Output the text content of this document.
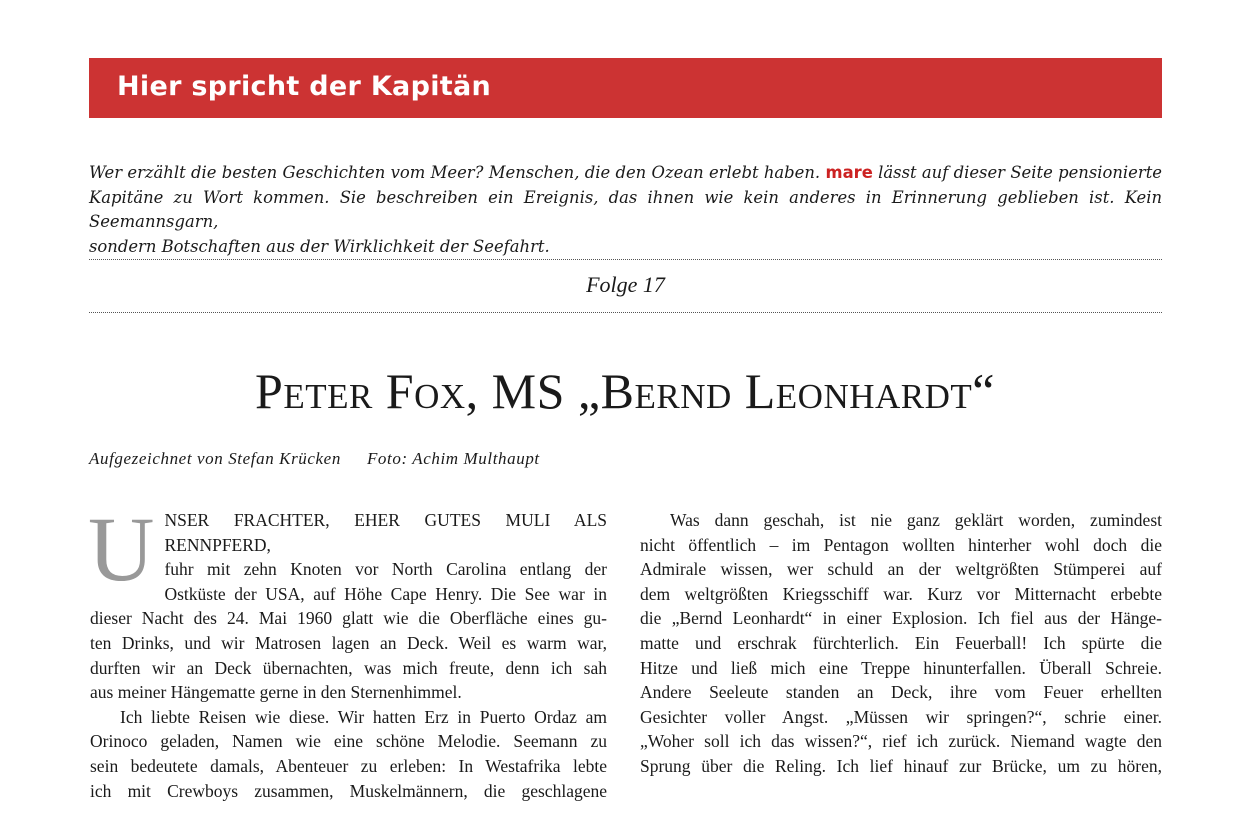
Hier spricht der Kapitän
Wer erzählt die besten Geschichten vom Meer? Menschen, die den Ozean erlebt haben. mare lässt auf dieser Seite pensionierte
Kapitäne zu Wort kommen. Sie beschreiben ein Ereignis, das ihnen wie kein anderes in Erinnerung geblieben ist. Kein Seemannsgarn,
sondern Botschaften aus der Wirklichkeit der Seefahrt.
Folge 17
Peter Fox, MS „Bernd Leonhardt“
Aufgezeichnet von Stefan Krücken Foto: Achim Multhaupt
U NSER FRACHTER, EHER GUTES MULI ALS RENNPFERD,
fuhr mit zehn Knoten vor North Carolina entlang der
Ostküste der USA, auf Höhe Cape Henry. Die See war in
dieser Nacht des 24. Mai 1960 glatt wie die Oberfläche eines gu-
ten Drinks, und wir Matrosen lagen an Deck. Weil es warm war,
durften wir an Deck übernachten, was mich freute, denn ich sah
aus meiner Hängematte gerne in den Sternenhimmel.
Ich liebte Reisen wie diese. Wir hatten Erz in Puerto Ordaz am
Orinoco geladen, Namen wie eine schöne Melodie. Seemann zu
sein bedeutete damals, Abenteuer zu erleben: In Westafrika lebte
ich mit Crewboys zusammen, Muskelmännern, die geschlagene
Was dann geschah, ist nie ganz geklärt worden, zumindest
nicht öffentlich – im Pentagon wollten hinterher wohl doch die
Admirale wissen, wer schuld an der weltgrößten Stümperei auf
dem weltgrößten Kriegsschiff war. Kurz vor Mitternacht erbebte
die „Bernd Leonhardt“ in einer Explosion. Ich fiel aus der Hänge-
matte und erschrak fürchterlich. Ein Feuerball! Ich spürte die
Hitze und ließ mich eine Treppe hinunterfallen. Überall Schreie.
Andere Seeleute standen an Deck, ihre vom Feuer erhellten
Gesichter voller Angst. „Müssen wir springen?“, schrie einer.
„Woher soll ich das wissen?“, rief ich zurück. Niemand wagte den
Sprung über die Reling. Ich lief hinauf zur Brücke, um zu hören,
